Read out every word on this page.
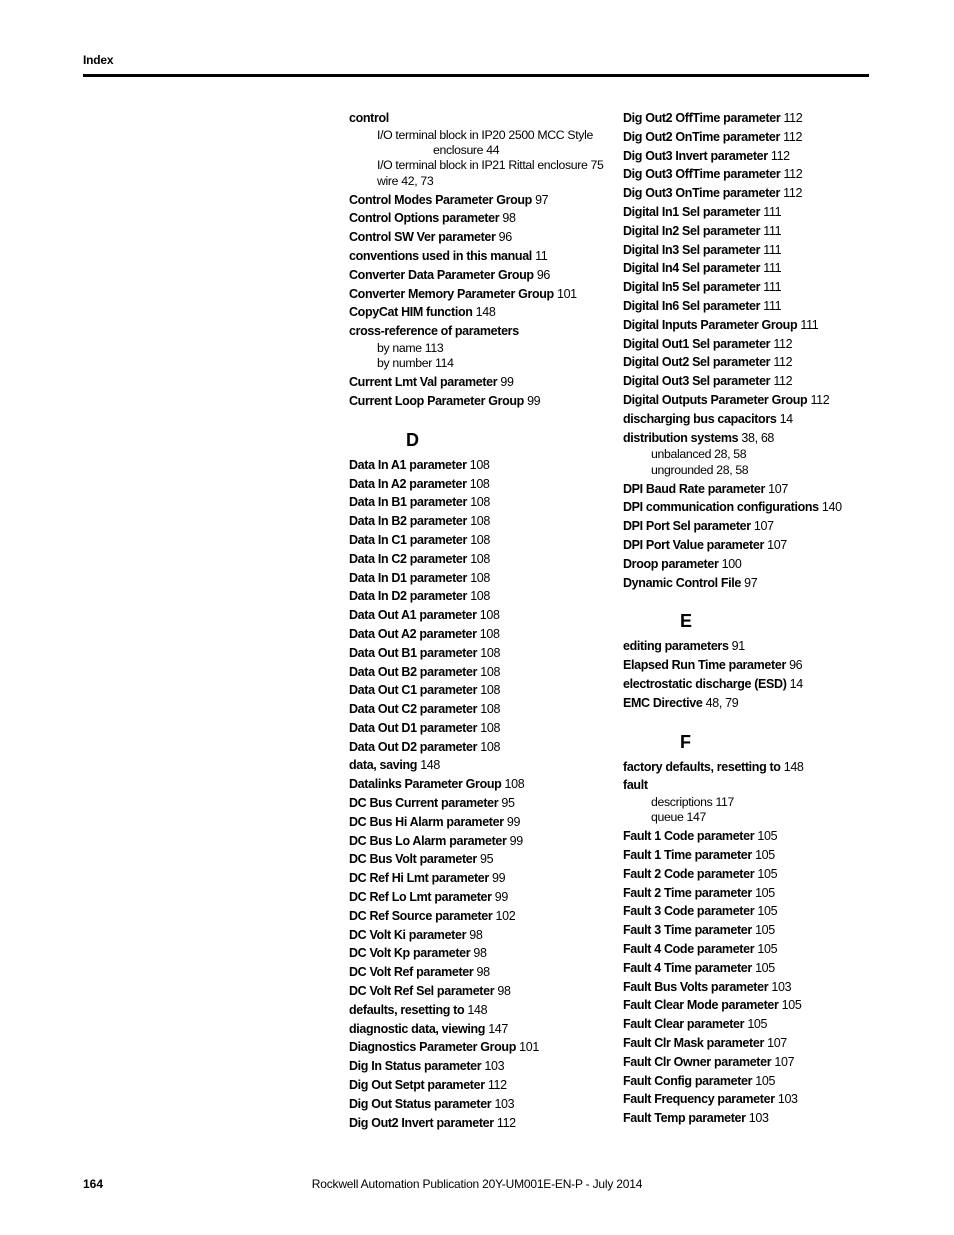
Index
control
I/O terminal block in IP20 2500 MCC Style
enclosure 44
I/O terminal block in IP21 Rittal enclosure 75
wire 42, 73
Control Modes Parameter Group 97
Control Options parameter 98
Control SW Ver parameter 96
conventions used in this manual 11
Converter Data Parameter Group 96
Converter Memory Parameter Group 101
CopyCat HIM function 148
cross-reference of parameters
by name 113
by number 114
Current Lmt Val parameter 99
Current Loop Parameter Group 99
D
Data In A1 parameter 108
Data In A2 parameter 108
Data In B1 parameter 108
Data In B2 parameter 108
Data In C1 parameter 108
Data In C2 parameter 108
Data In D1 parameter 108
Data In D2 parameter 108
Data Out A1 parameter 108
Data Out A2 parameter 108
Data Out B1 parameter 108
Data Out B2 parameter 108
Data Out C1 parameter 108
Data Out C2 parameter 108
Data Out D1 parameter 108
Data Out D2 parameter 108
data, saving 148
Datalinks Parameter Group 108
DC Bus Current parameter 95
DC Bus Hi Alarm parameter 99
DC Bus Lo Alarm parameter 99
DC Bus Volt parameter 95
DC Ref Hi Lmt parameter 99
DC Ref Lo Lmt parameter 99
DC Ref Source parameter 102
DC Volt Ki parameter 98
DC Volt Kp parameter 98
DC Volt Ref parameter 98
DC Volt Ref Sel parameter 98
defaults, resetting to 148
diagnostic data, viewing 147
Diagnostics Parameter Group 101
Dig In Status parameter 103
Dig Out Setpt parameter 112
Dig Out Status parameter 103
Dig Out2 Invert parameter 112
Dig Out2 OffTime parameter 112
Dig Out2 OnTime parameter 112
Dig Out3 Invert parameter 112
Dig Out3 OffTime parameter 112
Dig Out3 OnTime parameter 112
Digital In1 Sel parameter 111
Digital In2 Sel parameter 111
Digital In3 Sel parameter 111
Digital In4 Sel parameter 111
Digital In5 Sel parameter 111
Digital In6 Sel parameter 111
Digital Inputs Parameter Group 111
Digital Out1 Sel parameter 112
Digital Out2 Sel parameter 112
Digital Out3 Sel parameter 112
Digital Outputs Parameter Group 112
discharging bus capacitors 14
distribution systems 38, 68
unbalanced 28, 58
ungrounded 28, 58
DPI Baud Rate parameter 107
DPI communication configurations 140
DPI Port Sel parameter 107
DPI Port Value parameter 107
Droop parameter 100
Dynamic Control File 97
E
editing parameters 91
Elapsed Run Time parameter 96
electrostatic discharge (ESD) 14
EMC Directive 48, 79
F
factory defaults, resetting to 148
fault
descriptions 117
queue 147
Fault 1 Code parameter 105
Fault 1 Time parameter 105
Fault 2 Code parameter 105
Fault 2 Time parameter 105
Fault 3 Code parameter 105
Fault 3 Time parameter 105
Fault 4 Code parameter 105
Fault 4 Time parameter 105
Fault Bus Volts parameter 103
Fault Clear Mode parameter 105
Fault Clear parameter 105
Fault Clr Mask parameter 107
Fault Clr Owner parameter 107
Fault Config parameter 105
Fault Frequency parameter 103
Fault Temp parameter 103
164	Rockwell Automation Publication 20Y-UM001E-EN-P - July 2014
